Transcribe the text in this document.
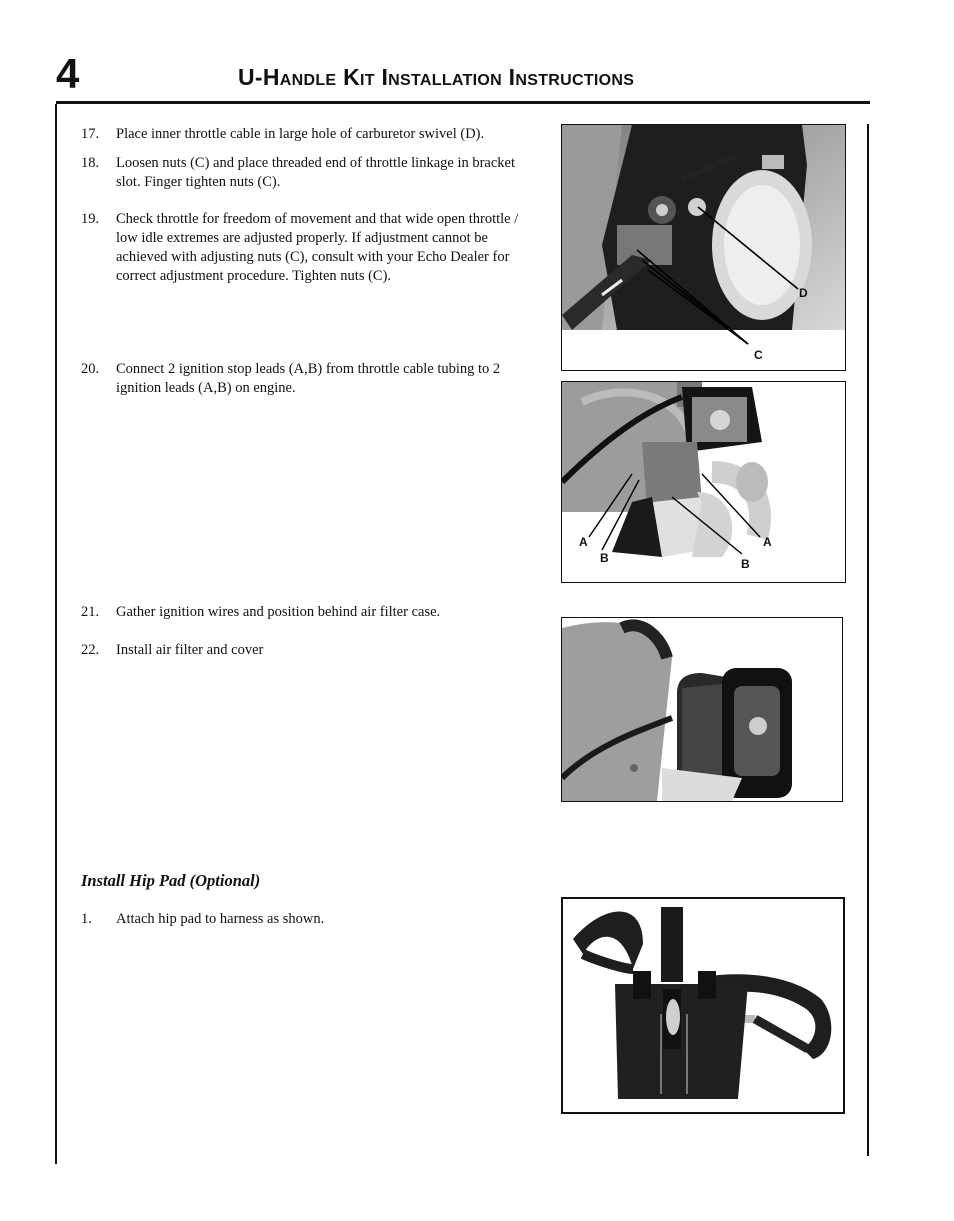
4	U-Handle Kit Installation Instructions
17.	Place inner throttle cable in large hole of carburetor swivel (D).
18.	Loosen nuts (C) and place threaded end of throttle linkage in bracket slot. Finger tighten nuts (C).
19.	Check throttle for freedom of movement and that wide open throttle / low idle extremes are adjusted properly. If adjustment cannot be achieved with adjusting nuts (C), consult with your Echo Dealer for correct adjustment procedure. Tighten nuts (C).
20.	Connect 2 ignition stop leads (A,B) from throttle cable tubing to 2 ignition leads (A,B) on engine.
21.	Gather ignition wires and position behind air filter case.
22.	Install air filter and cover
Install Hip Pad (Optional)
1.	Attach hip pad to harness as shown.
D
C
A
B
A
B
